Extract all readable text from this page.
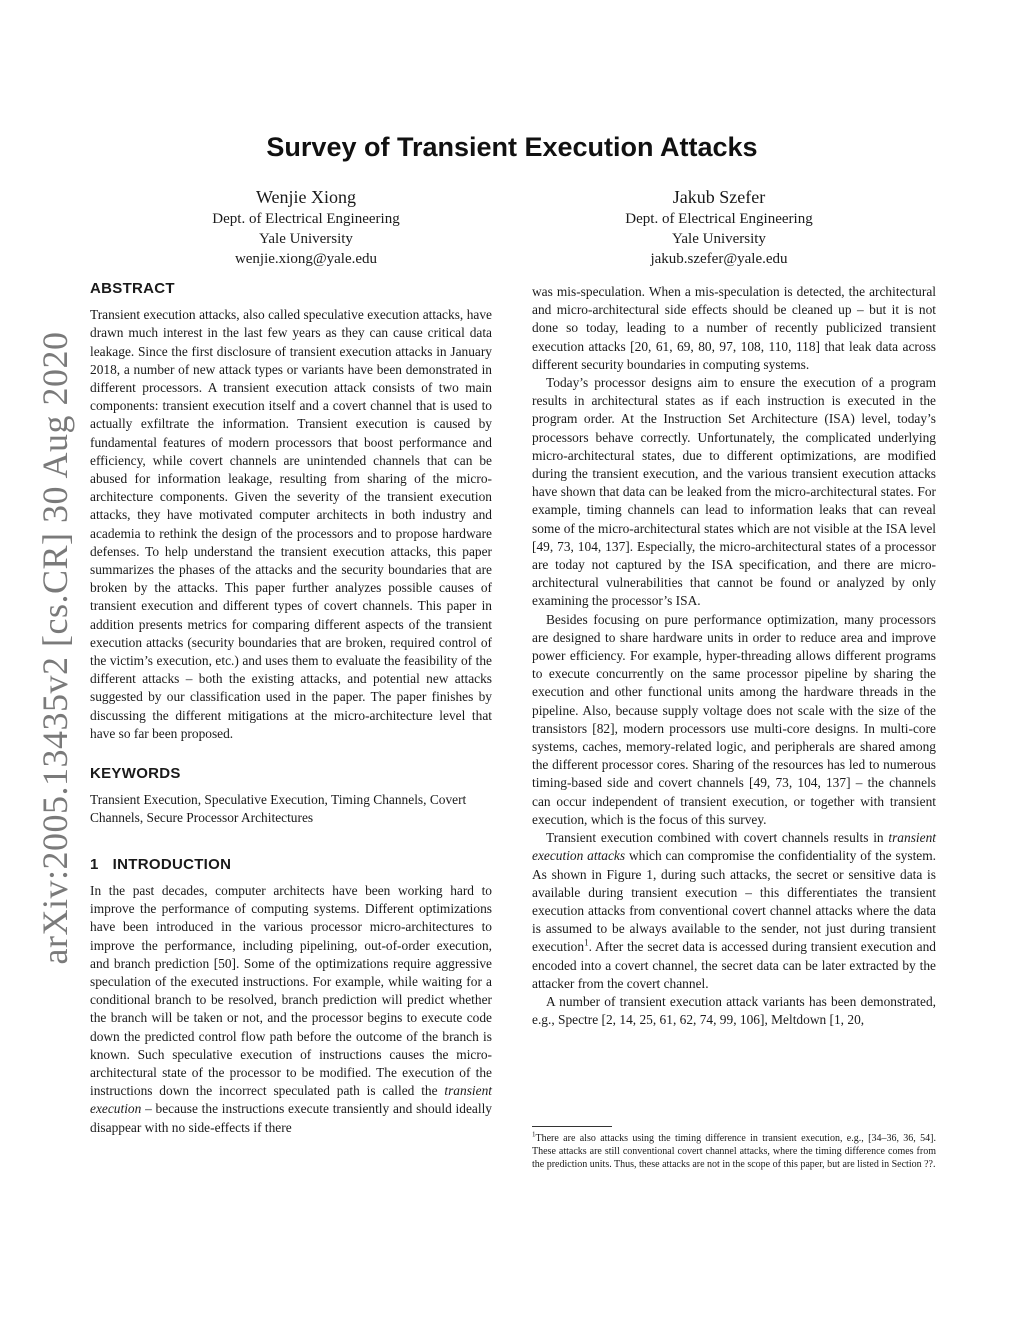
arXiv:2005.13435v2 [cs.CR] 30 Aug 2020
Survey of Transient Execution Attacks
Wenjie Xiong
Dept. of Electrical Engineering
Yale University
wenjie.xiong@yale.edu
Jakub Szefer
Dept. of Electrical Engineering
Yale University
jakub.szefer@yale.edu
ABSTRACT

Transient execution attacks, also called speculative execution attacks, have drawn much interest in the last few years as they can cause critical data leakage. Since the first disclosure of transient execution attacks in January 2018, a number of new attack types or variants have been demonstrated in different processors. A transient execution attack consists of two main components: transient execution itself and a covert channel that is used to actually exfiltrate the information. Transient execution is caused by fundamental features of modern processors that boost performance and efficiency, while covert channels are unintended channels that can be abused for information leakage, resulting from sharing of the micro-architecture components. Given the severity of the transient execution attacks, they have motivated computer architects in both industry and academia to rethink the design of the processors and to propose hardware defenses. To help understand the transient execution attacks, this paper summarizes the phases of the attacks and the security boundaries that are broken by the attacks. This paper further analyzes possible causes of transient execution and different types of covert channels. This paper in addition presents metrics for comparing different aspects of the transient execution attacks (security boundaries that are broken, required control of the victim’s execution, etc.) and uses them to evaluate the feasibility of the different attacks – both the existing attacks, and potential new attacks suggested by our classification used in the paper. The paper finishes by discussing the different mitigations at the micro-architecture level that have so far been proposed.

KEYWORDS

Transient Execution, Speculative Execution, Timing Channels, Covert Channels, Secure Processor Architectures

1 INTRODUCTION

In the past decades, computer architects have been working hard to improve the performance of computing systems. Different optimizations have been introduced in the various processor micro-architectures to improve the performance, including pipelining, out-of-order execution, and branch prediction [50]. Some of the optimizations require aggressive speculation of the executed instructions. For example, while waiting for a conditional branch to be resolved, branch prediction will predict whether the branch will be taken or not, and the processor begins to execute code down the predicted control flow path before the outcome of the branch is known. Such speculative execution of instructions causes the micro-architectural state of the processor to be modified. The execution of the instructions down the incorrect speculated path is called the transient execution – because the instructions execute transiently and should ideally disappear with no side-effects if there

was mis-speculation. When a mis-speculation is detected, the architectural and micro-architectural side effects should be cleaned up – but it is not done so today, leading to a number of recently publicized transient execution attacks [20, 61, 69, 80, 97, 108, 110, 118] that leak data across different security boundaries in computing systems.

Today’s processor designs aim to ensure the execution of a program results in architectural states as if each instruction is executed in the program order. At the Instruction Set Architecture (ISA) level, today’s processors behave correctly. Unfortunately, the complicated underlying micro-architectural states, due to different optimizations, are modified during the transient execution, and the various transient execution attacks have shown that data can be leaked from the micro-architectural states. For example, timing channels can lead to information leaks that can reveal some of the micro-architectural states which are not visible at the ISA level [49, 73, 104, 137]. Especially, the micro-architectural states of a processor are today not captured by the ISA specification, and there are micro-architectural vulnerabilities that cannot be found or analyzed by only examining the processor’s ISA.

Besides focusing on pure performance optimization, many processors are designed to share hardware units in order to reduce area and improve power efficiency. For example, hyper-threading allows different programs to execute concurrently on the same processor pipeline by sharing the execution and other functional units among the hardware threads in the pipeline. Also, because supply voltage does not scale with the size of the transistors [82], modern processors use multi-core designs. In multi-core systems, caches, memory-related logic, and peripherals are shared among the different processor cores. Sharing of the resources has led to numerous timing-based side and covert channels [49, 73, 104, 137] – the channels can occur independent of transient execution, or together with transient execution, which is the focus of this survey.

Transient execution combined with covert channels results in transient execution attacks which can compromise the confidentiality of the system. As shown in Figure 1, during such attacks, the secret or sensitive data is available during transient execution – this differentiates the transient execution attacks from conventional covert channel attacks where the data is assumed to be always available to the sender, not just during transient execution$^1$. After the secret data is accessed during transient execution and encoded into a covert channel, the secret data can be later extracted by the attacker from the covert channel.

A number of transient execution attack variants has been demonstrated, e.g., Spectre [2, 14, 25, 61, 62, 74, 99, 106], Meltdown [1, 20,

$^1$There are also attacks using the timing difference in transient execution, e.g., [34–36, 36, 54]. These attacks are still conventional covert channel attacks, where the timing difference comes from the prediction units. Thus, these attacks are not in the scope of this paper, but are listed in Section ??.
